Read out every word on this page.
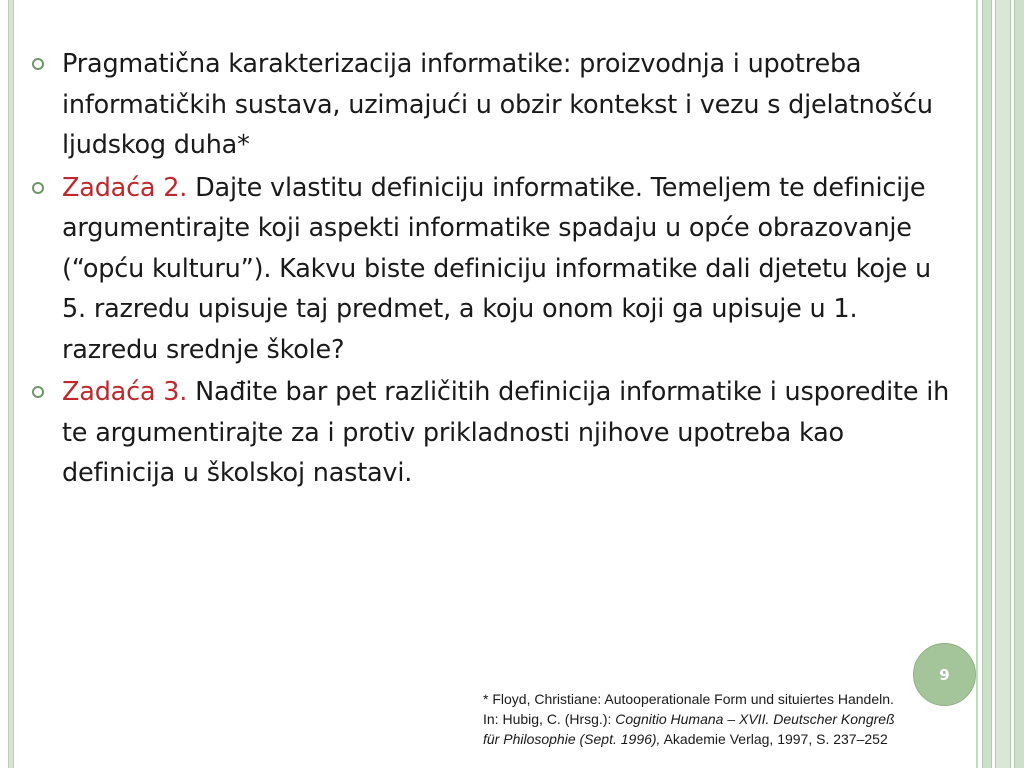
Pragmatična karakterizacija informatike: proizvodnja i upotreba informatičkih sustava, uzimajući u obzir kontekst i vezu s djelatnošću ljudskog duha*

Zadaća 2. Dajte vlastitu definiciju informatike. Temeljem te definicije argumentirajte koji aspekti informatike spadaju u opće obrazovanje (“opću kulturu”). Kakvu biste definiciju informatike dali djetetu koje u 5. razredu upisuje taj predmet, a koju onom koji ga upisuje u 1. razredu srednje škole?

Zadaća 3. Nađite bar pet različitih definicija informatike i usporedite ih te argumentirajte za i protiv prikladnosti njihove upotreba kao definicija u školskoj nastavi.

9
* Floyd, Christiane: Autooperationale Form und situiertes Handeln.
In: Hubig, C. (Hrsg.): Cognitio Humana – XVII. Deutscher Kongreß
für Philosophie (Sept. 1996), Akademie Verlag, 1997, S. 237–252
